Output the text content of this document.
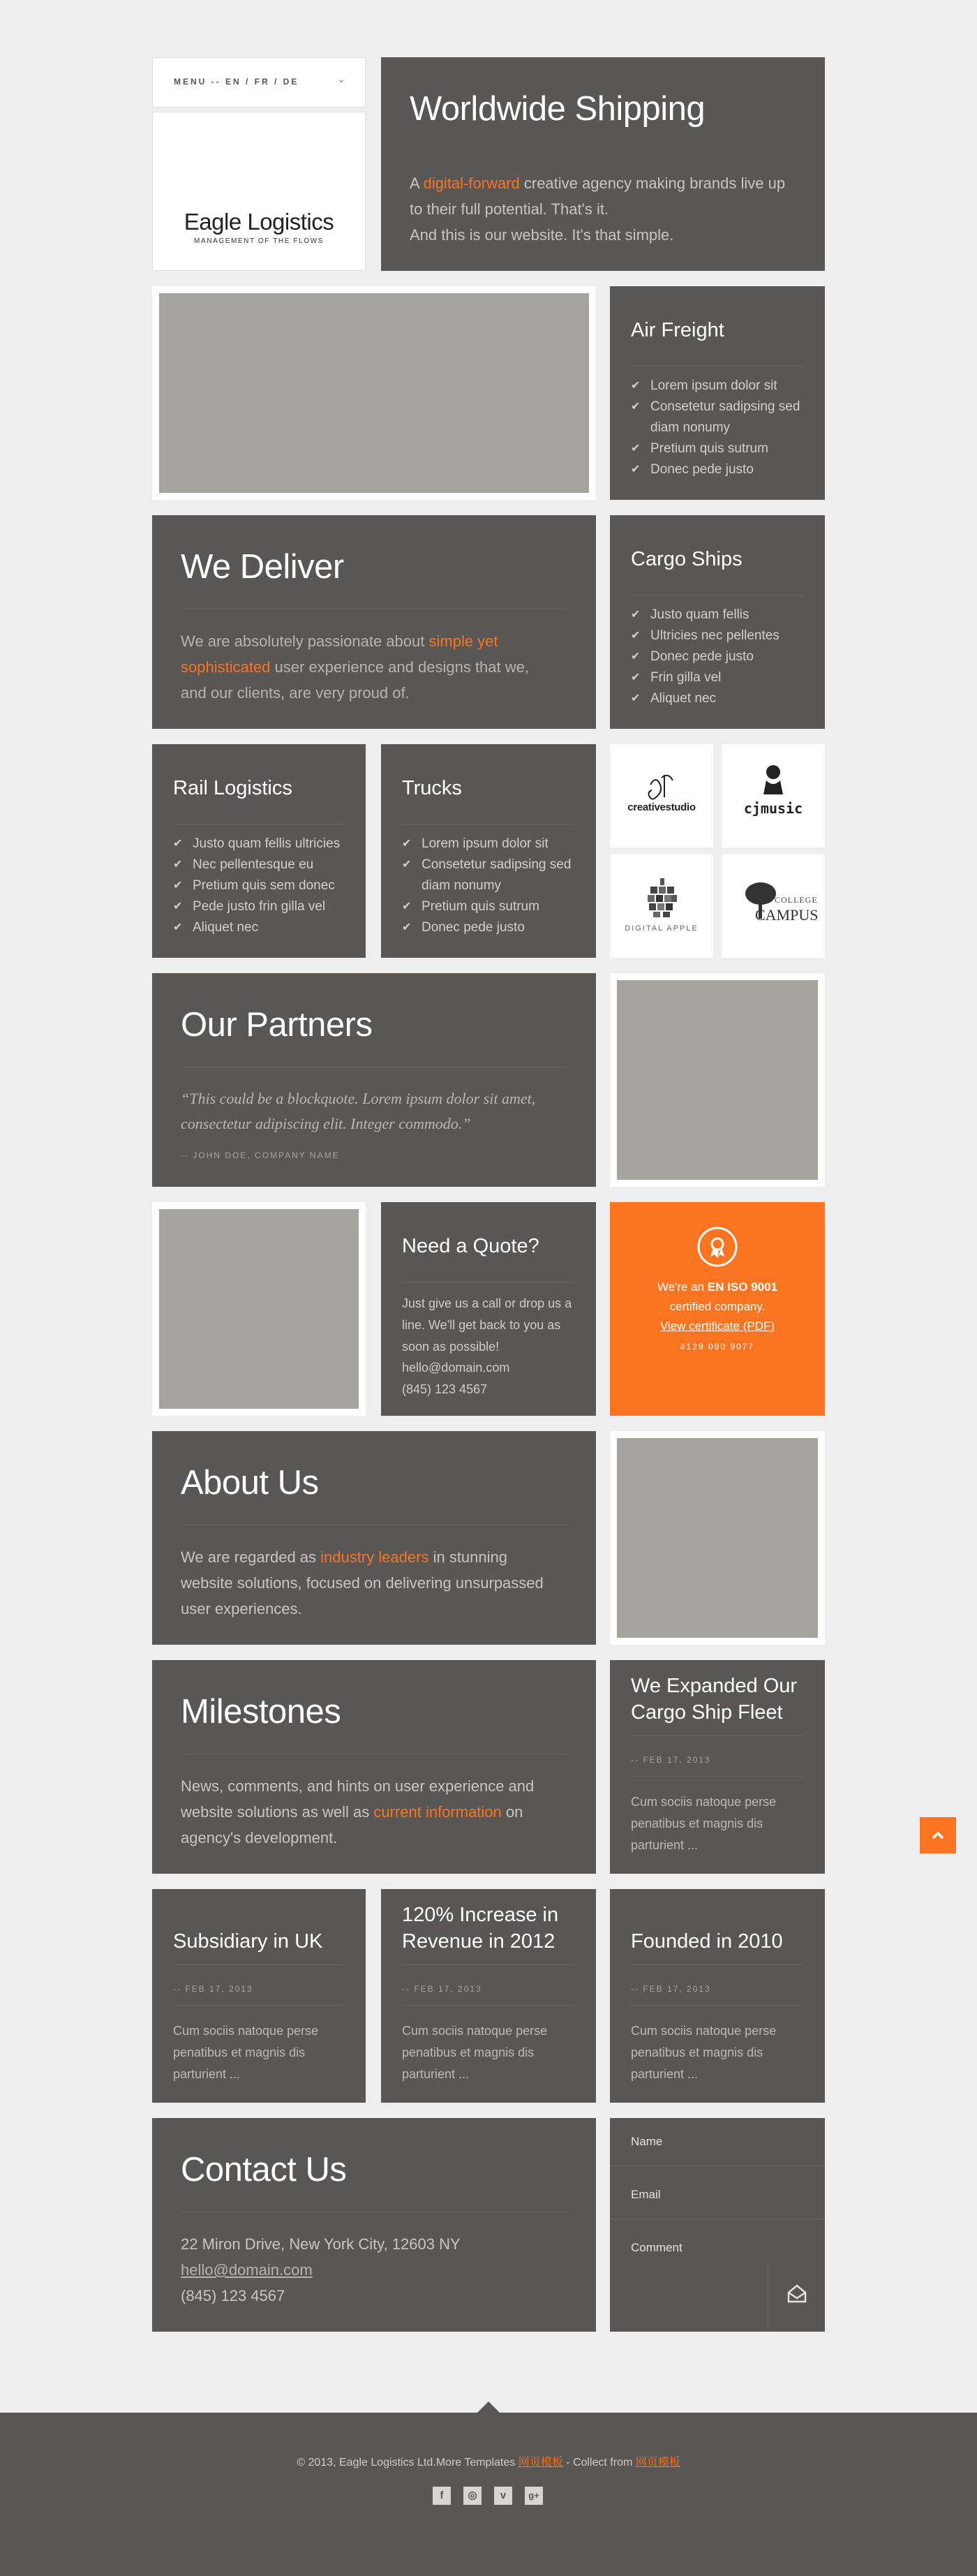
MENU -- EN / FR / DE	⌄
Eagle Logistics
MANAGEMENT OF THE FLOWS
Worldwide Shipping
A digital-forward creative agency making brands live up to their full potential. That's it.
And this is our website. It's that simple.
Air Freight
✔ Lorem ipsum dolor sit
✔ Consetetur sadipsing sed diam nonumy
✔ Pretium quis sutrum
✔ Donec pede justo
We Deliver
We are absolutely passionate about simple yet sophisticated user experience and designs that we, and our clients, are very proud of.
Cargo Ships
✔ Justo quam fellis
✔ Ultricies nec pellentes
✔ Donec pede justo
✔ Frin gilla vel
✔ Aliquet nec
Rail Logistics
✔ Justo quam fellis ultricies
✔ Nec pellentesque eu
✔ Pretium quis sem donec
✔ Pede justo frin gilla vel
✔ Aliquet nec
Trucks
✔ Lorem ipsum dolor sit
✔ Consetetur sadipsing sed diam nonumy
✔ Pretium quis sutrum
✔ Donec pede justo
creativestudio	cjmusic
DIGITAL APPLE
COLLEGE
CAMPUS
Our Partners
“This could be a blockquote. Lorem ipsum dolor sit amet, consectetur adipiscing elit. Integer commodo.”
-- JOHN DOE, COMPANY NAME
Need a Quote?
Just give us a call or drop us a line. We'll get back to you as soon as possible!
hello@domain.com
(845) 123 4567
We're an EN ISO 9001
certified company.
View certificate (PDF)
#129 090 9077
About Us
We are regarded as industry leaders in stunning website solutions, focused on delivering unsurpassed user experiences.
Milestones
News, comments, and hints on user experience and website solutions as well as current information on agency's development.
We Expanded Our Cargo Ship Fleet
-- FEB 17, 2013
Cum sociis natoque perse penatibus et magnis dis parturient ...
Subsidiary in UK
-- FEB 17, 2013
Cum sociis natoque perse penatibus et magnis dis parturient ...
120% Increase in Revenue in 2012
-- FEB 17, 2013
Cum sociis natoque perse penatibus et magnis dis parturient ...
Founded in 2010
-- FEB 17, 2013
Cum sociis natoque perse penatibus et magnis dis parturient ...
Contact Us
22 Miron Drive, New York City, 12603 NY
hello@domain.com
(845) 123 4567
Name
Email
Comment
© 2013, Eagle Logistics Ltd.More Templates 网页模板 - Collect from 网页模板
f	◎	v	g+
